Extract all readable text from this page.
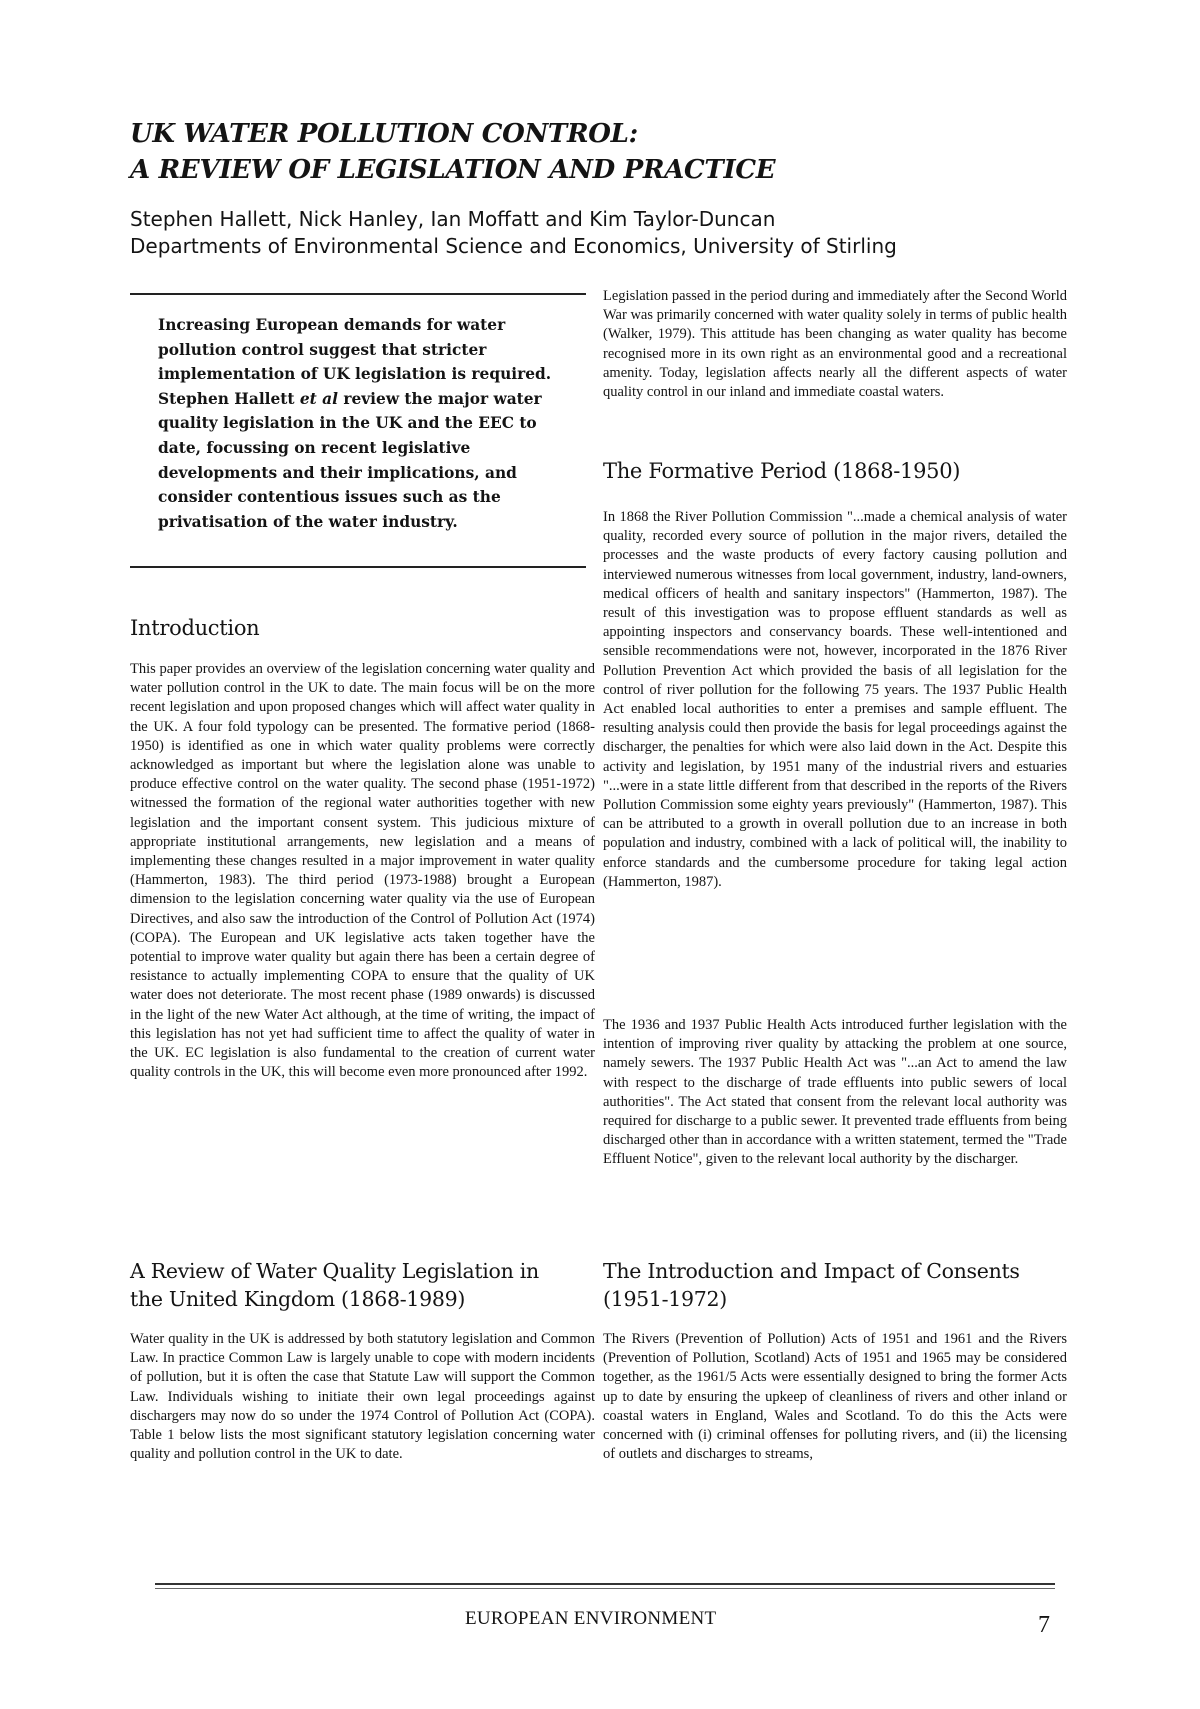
UK WATER POLLUTION CONTROL:
A REVIEW OF LEGISLATION AND PRACTICE
Stephen Hallett, Nick Hanley, Ian Moffatt and Kim Taylor-Duncan
Departments of Environmental Science and Economics, University of Stirling

Increasing European demands for water pollution control suggest that stricter implementation of UK legislation is required. Stephen Hallett et al review the major water quality legislation in the UK and the EEC to date, focussing on recent legislative developments and their implications, and consider contentious issues such as the privatisation of the water industry.

Introduction

This paper provides an overview of the legislation concerning water quality and water pollution control in the UK to date. The main focus will be on the more recent legislation and upon proposed changes which will affect water quality in the UK. A four fold typology can be presented. The formative period (1868-1950) is identified as one in which water quality problems were correctly acknowledged as important but where the legislation alone was unable to produce effective control on the water quality. The second phase (1951-1972) witnessed the formation of the regional water authorities together with new legislation and the important consent system. This judicious mixture of appropriate institutional arrangements, new legislation and a means of implementing these changes resulted in a major improvement in water quality (Hammerton, 1983). The third period (1973-1988) brought a European dimension to the legislation concerning water quality via the use of European Directives, and also saw the introduction of the Control of Pollution Act (1974) (COPA). The European and UK legislative acts taken together have the potential to improve water quality but again there has been a certain degree of resistance to actually implementing COPA to ensure that the quality of UK water does not deteriorate. The most recent phase (1989 onwards) is discussed in the light of the new Water Act although, at the time of writing, the impact of this legislation has not yet had sufficient time to affect the quality of water in the UK. EC legislation is also fundamental to the creation of current water quality controls in the UK, this will become even more pronounced after 1992.

A Review of Water Quality Legislation in
the United Kingdom (1868-1989)

Water quality in the UK is addressed by both statutory legislation and Common Law. In practice Common Law is largely unable to cope with modern incidents of pollution, but it is often the case that Statute Law will support the Common Law. Individuals wishing to initiate their own legal proceedings against dischargers may now do so under the 1974 Control of Pollution Act (COPA). Table 1 below lists the most significant statutory legislation concerning water quality and pollution control in the UK to date.

Legislation passed in the period during and immediately after the Second World War was primarily concerned with water quality solely in terms of public health (Walker, 1979). This attitude has been changing as water quality has become recognised more in its own right as an environmental good and a recreational amenity. Today, legislation affects nearly all the different aspects of water quality control in our inland and immediate coastal waters.

The Formative Period (1868-1950)

In 1868 the River Pollution Commission "...made a chemical analysis of water quality, recorded every source of pollution in the major rivers, detailed the processes and the waste products of every factory causing pollution and interviewed numerous witnesses from local government, industry, land-owners, medical officers of health and sanitary inspectors" (Hammerton, 1987). The result of this investigation was to propose effluent standards as well as appointing inspectors and conservancy boards. These well-intentioned and sensible recommendations were not, however, incorporated in the 1876 River Pollution Prevention Act which provided the basis of all legislation for the control of river pollution for the following 75 years. The 1937 Public Health Act enabled local authorities to enter a premises and sample effluent. The resulting analysis could then provide the basis for legal proceedings against the discharger, the penalties for which were also laid down in the Act. Despite this activity and legislation, by 1951 many of the industrial rivers and estuaries "...were in a state little different from that described in the reports of the Rivers Pollution Commission some eighty years previously" (Hammerton, 1987). This can be attributed to a growth in overall pollution due to an increase in both population and industry, combined with a lack of political will, the inability to enforce standards and the cumbersome procedure for taking legal action (Hammerton, 1987).

The 1936 and 1937 Public Health Acts introduced further legislation with the intention of improving river quality by attacking the problem at one source, namely sewers. The 1937 Public Health Act was "...an Act to amend the law with respect to the discharge of trade effluents into public sewers of local authorities". The Act stated that consent from the relevant local authority was required for discharge to a public sewer. It prevented trade effluents from being discharged other than in accordance with a written statement, termed the "Trade Effluent Notice", given to the relevant local authority by the discharger.

The Introduction and Impact of Consents
(1951-1972)

The Rivers (Prevention of Pollution) Acts of 1951 and 1961 and the Rivers (Prevention of Pollution, Scotland) Acts of 1951 and 1965 may be considered together, as the 1961/5 Acts were essentially designed to bring the former Acts up to date by ensuring the upkeep of cleanliness of rivers and other inland or coastal waters in England, Wales and Scotland. To do this the Acts were concerned with (i) criminal offenses for polluting rivers, and (ii) the licensing of outlets and discharges to streams,

EUROPEAN ENVIRONMENT	7
